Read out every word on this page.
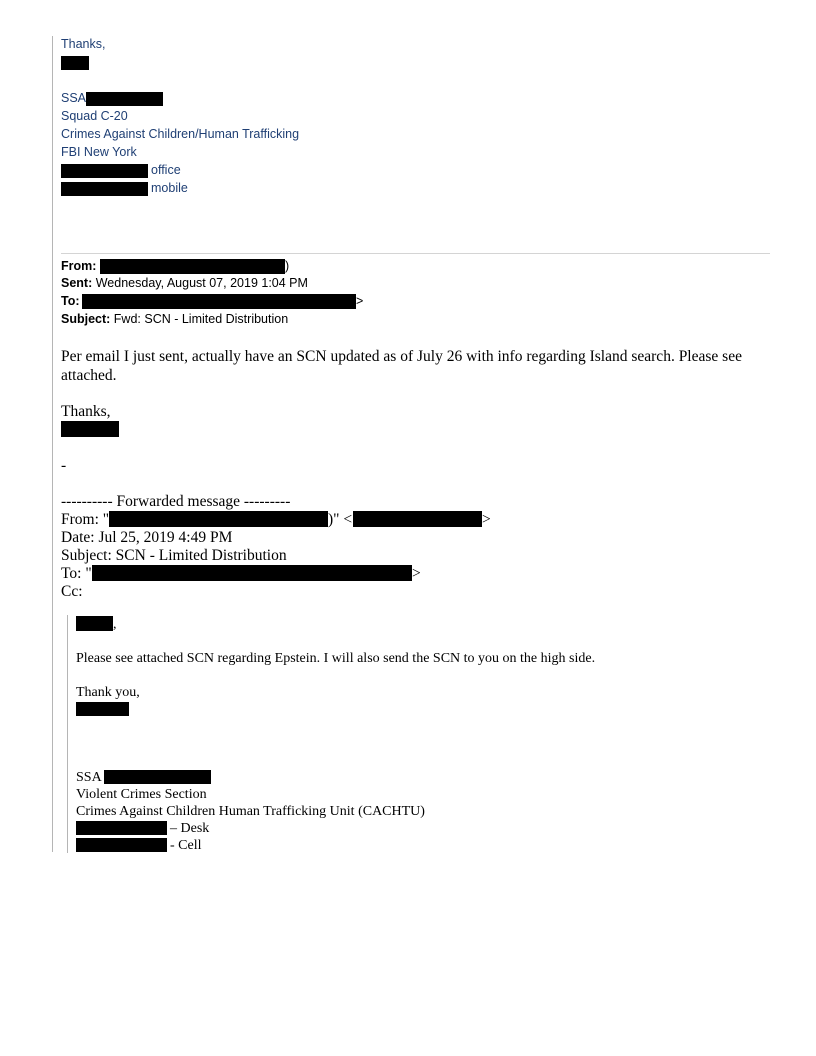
Thanks,
SSA
Squad C-20
Crimes Against Children/Human Trafficking
FBI New York
office
mobile
From:	)
Sent: Wednesday, August 07, 2019 1:04 PM
To:	>
Subject: Fwd: SCN - Limited Distribution
Per email I just sent, actually have an SCN updated as of July 26 with info regarding Island search. Please see
attached.
Thanks,
-
---------- Forwarded message ---------
From: "	)" <	>
Date: Jul 25, 2019 4:49 PM
Subject: SCN - Limited Distribution
To: "	>
Cc:
,
Please see attached SCN regarding Epstein. I will also send the SCN to you on the high side.
Thank you,
SSA
Violent Crimes Section
Crimes Against Children Human Trafficking Unit (CACHTU)
– Desk
- Cell
